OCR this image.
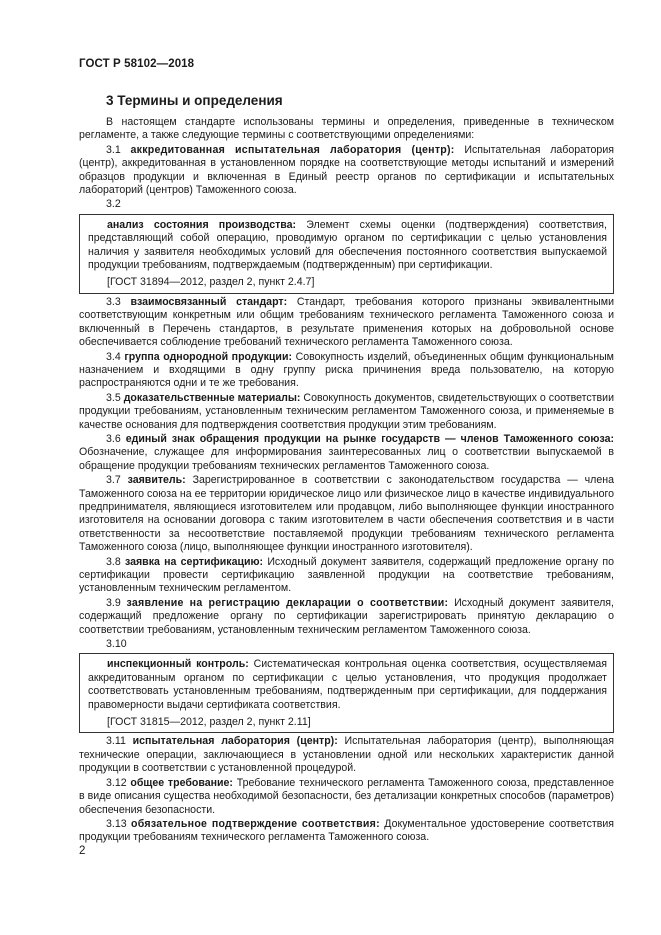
ГОСТ Р 58102—2018
3 Термины и определения

В настоящем стандарте использованы термины и определения, приведенные в техническом регламенте, а также следующие термины с соответствующими определениями:

3.1 аккредитованная испытательная лаборатория (центр): Испытательная лаборатория (центр), аккредитованная в установленном порядке на соответствующие методы испытаний и измерений образцов продукции и включенная в Единый реестр органов по сертификации и испытательных лабораторий (центров) Таможенного союза.

3.2

анализ состояния производства: Элемент схемы оценки (подтверждения) соответствия, представляющий собой операцию, проводимую органом по сертификации с целью установления наличия у заявителя необходимых условий для обеспечения постоянного соответствия выпускаемой продукции требованиям, подтверждаемым (подтвержденным) при сертификации.

[ГОСТ 31894—2012, раздел 2, пункт 2.4.7]

3.3 взаимосвязанный стандарт: Стандарт, требования которого признаны эквивалентными соответствующим конкретным или общим требованиям технического регламента Таможенного союза и включенный в Перечень стандартов, в результате применения которых на добровольной основе обеспечивается соблюдение требований технического регламента Таможенного союза.

3.4 группа однородной продукции: Совокупность изделий, объединенных общим функциональным назначением и входящими в одну группу риска причинения вреда пользователю, на которую распространяются одни и те же требования.

3.5 доказательственные материалы: Совокупность документов, свидетельствующих о соответствии продукции требованиям, установленным техническим регламентом Таможенного союза, и применяемые в качестве основания для подтверждения соответствия продукции этим требованиям.

3.6 единый знак обращения продукции на рынке государств — членов Таможенного союза: Обозначение, служащее для информирования заинтересованных лиц о соответствии выпускаемой в обращение продукции требованиям технических регламентов Таможенного союза.

3.7 заявитель: Зарегистрированное в соответствии с законодательством государства — члена Таможенного союза на ее территории юридическое лицо или физическое лицо в качестве индивидуального предпринимателя, являющиеся изготовителем или продавцом, либо выполняющее функции иностранного изготовителя на основании договора с таким изготовителем в части обеспечения соответствия и в части ответственности за несоответствие поставляемой продукции требованиям технического регламента Таможенного союза (лицо, выполняющее функции иностранного изготовителя).

3.8 заявка на сертификацию: Исходный документ заявителя, содержащий предложение органу по сертификации провести сертификацию заявленной продукции на соответствие требованиям, установленным техническим регламентом.

3.9 заявление на регистрацию декларации о соответствии: Исходный документ заявителя, содержащий предложение органу по сертификации зарегистрировать принятую декларацию о соответствии требованиям, установленным техническим регламентом Таможенного союза.

3.10

инспекционный контроль: Систематическая контрольная оценка соответствия, осуществляемая аккредитованным органом по сертификации с целью установления, что продукция продолжает соответствовать установленным требованиям, подтвержденным при сертификации, для поддержания правомерности выдачи сертификата соответствия.

[ГОСТ 31815—2012, раздел 2, пункт 2.11]

3.11 испытательная лаборатория (центр): Испытательная лаборатория (центр), выполняющая технические операции, заключающиеся в установлении одной или нескольких характеристик данной продукции в соответствии с установленной процедурой.

3.12 общее требование: Требование технического регламента Таможенного союза, представленное в виде описания существа необходимой безопасности, без детализации конкретных способов (параметров) обеспечения безопасности.

3.13 обязательное подтверждение соответствия: Документальное удостоверение соответствия продукции требованиям технического регламента Таможенного союза.

2
